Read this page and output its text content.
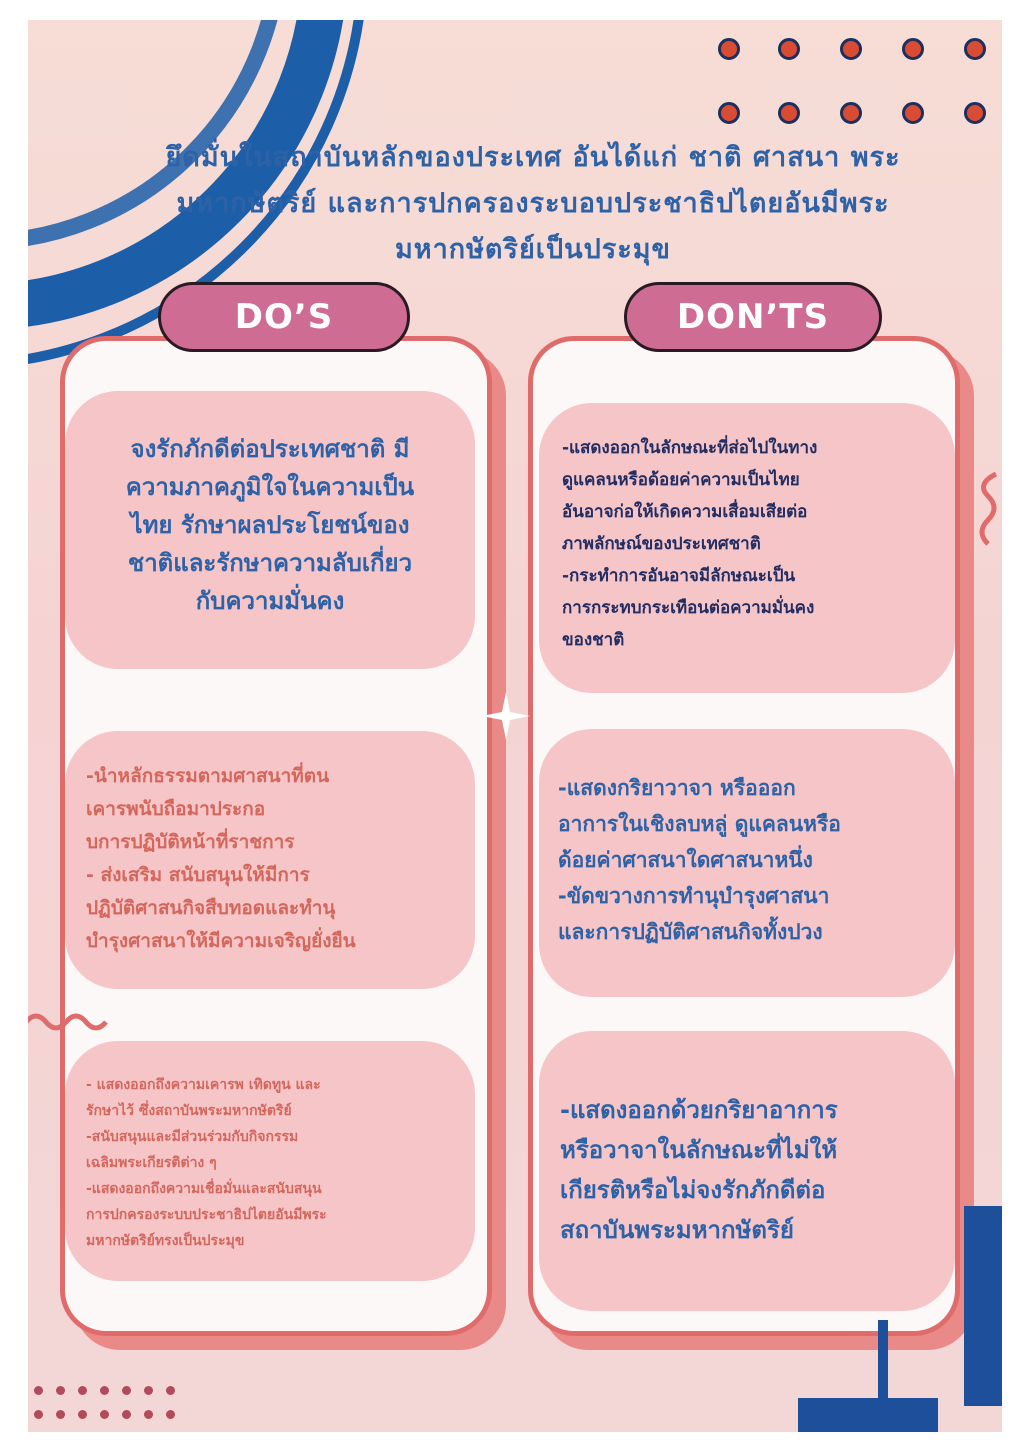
ยึดมั่นในสถาบันหลักของประเทศ อันได้แก่ ชาติ ศาสนา พระ
มหากษัตริย์ และการปกครองระบอบประชาธิปไตยอันมีพระ
มหากษัตริย์เป็นประมุข
DO’S	DON’TS
จงรักภักดีต่อประเทศชาติ มี
ความภาคภูมิใจในความเป็น
ไทย รักษาผลประโยชน์ของ
ชาติและรักษาความลับเกี่ยว
กับความมั่นคง
-นำหลักธรรมตามศาสนาที่ตน
เคารพนับถือมาประกอ
บการปฏิบัติหน้าที่ราชการ
- ส่งเสริม สนับสนุนให้มีการ
ปฏิบัติศาสนกิจสืบทอดและทำนุ
บำรุงศาสนาให้มีความเจริญยั่งยืน
- แสดงออกถึงความเคารพ เทิดทูน และ
รักษาไว้ ซึ่งสถาบันพระมหากษัตริย์
-สนับสนุนและมีส่วนร่วมกับกิจกรรม
เฉลิมพระเกียรติต่าง ๆ
-แสดงออกถึงความเชื่อมั่นและสนับสนุน
การปกครองระบบประชาธิปไตยอันมีพระ
มหากษัตริย์ทรงเป็นประมุข
-แสดงออกในลักษณะที่ส่อไปในทาง
ดูแคลนหรือด้อยค่าความเป็นไทย
อันอาจก่อให้เกิดความเสื่อมเสียต่อ
ภาพลักษณ์ของประเทศชาติ
-กระทำการอันอาจมีลักษณะเป็น
การกระทบกระเทือนต่อความมั่นคง
ของชาติ
-แสดงกริยาวาจา หรือออก
อาการในเชิงลบหลู่ ดูแคลนหรือ
ด้อยค่าศาสนาใดศาสนาหนึ่ง
-ขัดขวางการทำนุบำรุงศาสนา
และการปฏิบัติศาสนกิจทั้งปวง
-แสดงออกด้วยกริยาอาการ
หรือวาจาในลักษณะที่ไม่ให้
เกียรติหรือไม่จงรักภักดีต่อ
สถาบันพระมหากษัตริย์
